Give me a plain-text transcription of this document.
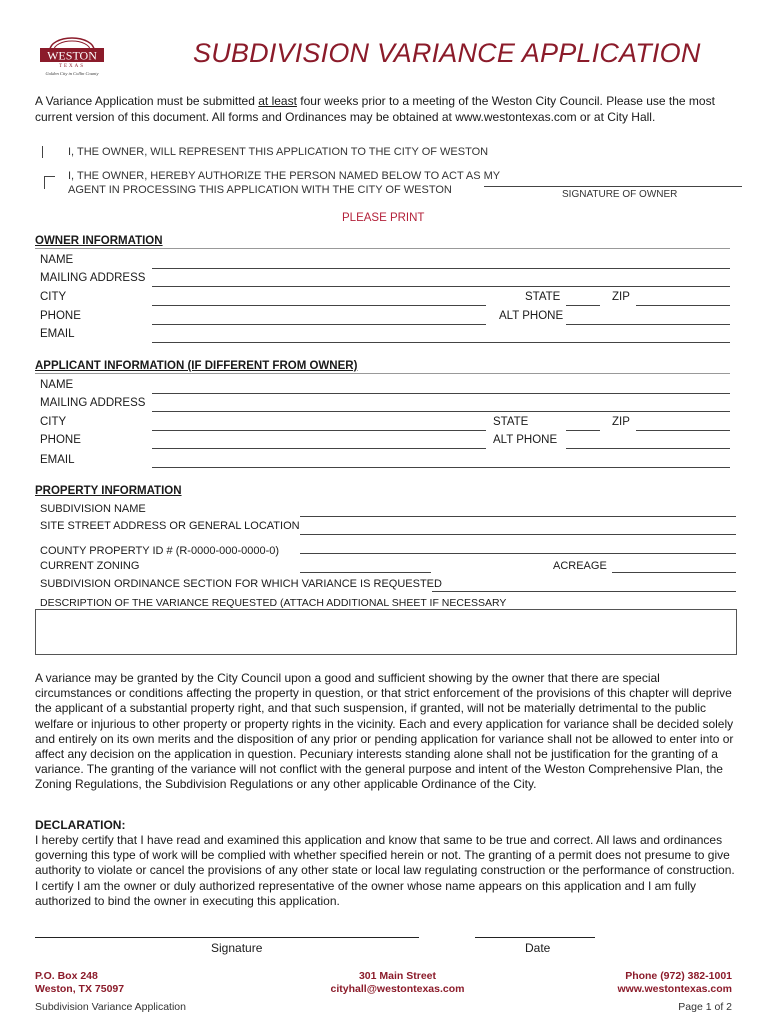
WESTON
TEXAS
Golden City in Collin County
SUBDIVISION VARIANCE APPLICATION
A Variance Application must be submitted at least four weeks prior to a meeting of the Weston City Council. Please use the most current version of this document. All forms and Ordinances may be obtained at www.westontexas.com or at City Hall.
I, THE OWNER, WILL REPRESENT THIS APPLICATION TO THE CITY OF WESTON
I, THE OWNER, HEREBY AUTHORIZE THE PERSON NAMED BELOW TO ACT AS MY
AGENT IN PROCESSING THIS APPLICATION WITH THE CITY OF WESTON	SIGNATURE OF OWNER
PLEASE PRINT
OWNER INFORMATION
NAME
MAILING ADDRESS
CITY	STATE	ZIP
PHONE	ALT PHONE
EMAIL
APPLICANT INFORMATION (IF DIFFERENT FROM OWNER)
NAME
MAILING ADDRESS
CITY	STATE	ZIP
PHONE	ALT PHONE
EMAIL
PROPERTY INFORMATION
SUBDIVISION NAME
SITE STREET ADDRESS OR GENERAL LOCATION
COUNTY PROPERTY ID # (R-0000-000-0000-0)
CURRENT ZONING	ACREAGE
SUBDIVISION ORDINANCE SECTION FOR WHICH VARIANCE IS REQUESTED
DESCRIPTION OF THE VARIANCE REQUESTED (ATTACH ADDITIONAL SHEET IF NECESSARY
A variance may be granted by the City Council upon a good and sufficient showing by the owner that there are special circumstances or conditions affecting the property in question, or that strict enforcement of the provisions of this chapter will deprive the applicant of a substantial property right, and that such suspension, if granted, will not be materially detrimental to the public welfare or injurious to other property or property rights in the vicinity. Each and every application for variance shall be decided solely and entirely on its own merits and the disposition of any prior or pending application for variance shall not be allowed to enter into or affect any decision on the application in question. Pecuniary interests standing alone shall not be justification for the granting of a variance. The granting of the variance will not conflict with the general purpose and intent of the Weston Comprehensive Plan, the Zoning Regulations, the Subdivision Regulations or any other applicable Ordinance of the City.
DECLARATION:
I hereby certify that I have read and examined this application and know that same to be true and correct. All laws and ordinances governing this type of work will be complied with whether specified herein or not. The granting of a permit does not presume to give authority to violate or cancel the provisions of any other state or local law regulating construction or the performance of construction. I certify I am the owner or duly authorized representative of the owner whose name appears on this application and I am fully authorized to bind the owner in executing this application.
Signature	Date
P.O. Box 248
Weston, TX 75097
301 Main Street
cityhall@westontexas.com
Phone (972) 382-1001
www.westontexas.com
Subdivision Variance Application	Page 1 of 2
